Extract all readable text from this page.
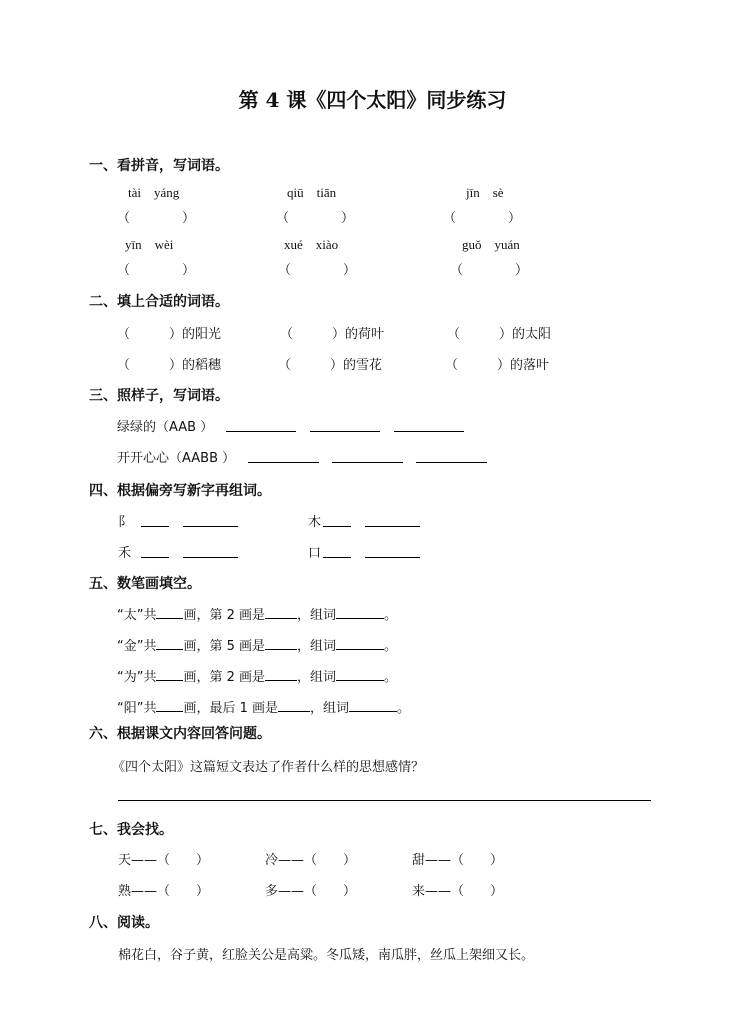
第 4 课《四个太阳》同步练习
一、看拼音，写词语。
tài　yáng	qiū　tiān	jīn　sè
（　　　　）	（　　　　）	（　　　　）
yīn　wèi	xué　xiào	guǒ　yuán
（　　　　）	（　　　　）	（　　　　）
二、填上合适的词语。
（　　　）的阳光	（　　　）的荷叶	（　　　）的太阳
（　　　）的稻穗	（　　　）的雪花	（　　　）的落叶
三、照样子，写词语。
绿绿的（AAB ）
开开心心（AABB ）
四、根据偏旁写新字再组词。
阝	木
禾	口
五、数笔画填空。
“太”共 画，第 2 画是 ，组词	。
“金”共 画，第 5 画是 ，组词	。
“为”共 画，第 2 画是 ，组词	。
“阳”共 画，最后 1 画是 ，组词	。
六、根据课文内容回答问题。
《四个太阳》这篇短文表达了作者什么样的思想感情？
七、我会找。
天——（　　）	冷——（　　）	甜——（　　）
熟——（　　）	多——（　　）	来——（　　）
八、阅读。
棉花白，谷子黄，红脸关公是高粱。冬瓜矮，南瓜胖，丝瓜上架细又长。
